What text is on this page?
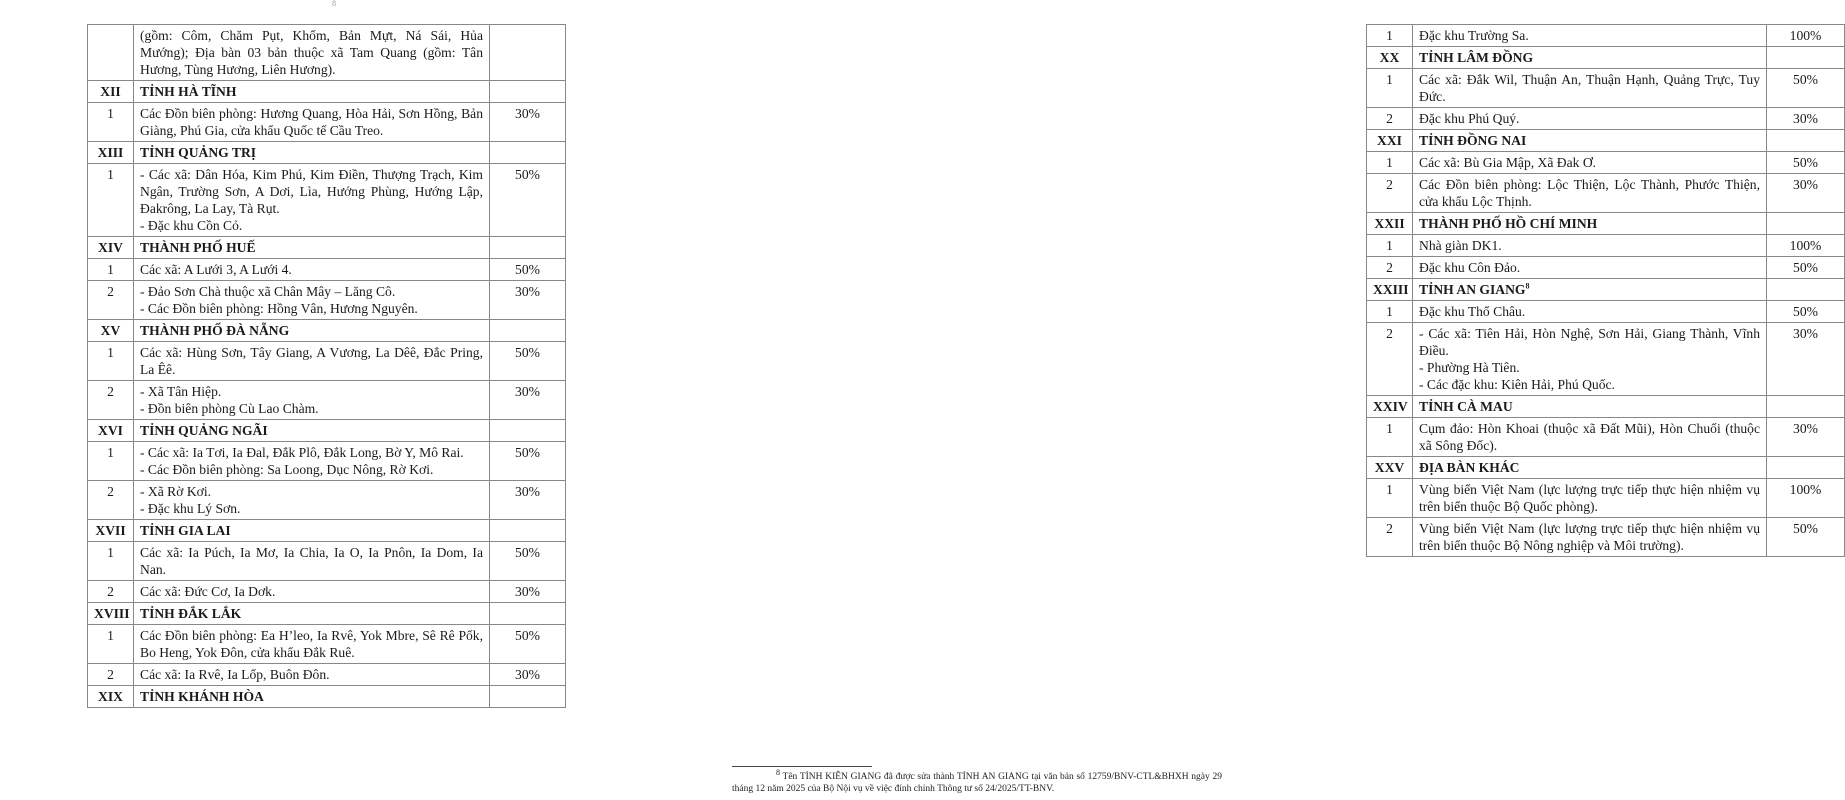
8

	(gồm: Côm, Chăm Pụt, Khốm, Bản Mựt, Ná Sái, Hủa Mướng); Địa bàn 03 bản thuộc xã Tam Quang (gồm: Tân Hương, Tùng Hương, Liên Hương).	

XII	TỈNH HÀ TĨNH	
1	Các Đồn biên phòng: Hương Quang, Hòa Hải, Sơn Hồng, Bản Giàng, Phú Gia, cửa khẩu Quốc tế Cầu Treo.	30%
XIII	TỈNH QUẢNG TRỊ	
1	- Các xã: Dân Hóa, Kim Phú, Kim Điền, Thượng Trạch, Kim Ngân, Trường Sơn, A Dơi, Lìa, Hướng Phùng, Hướng Lập, Đakrông, La Lay, Tà Rụt.
- Đặc khu Cồn Cỏ.	50%
XIV	THÀNH PHỐ HUẾ	
1	Các xã: A Lưới 3, A Lưới 4.	50%
2	- Đảo Sơn Chà thuộc xã Chân Mây – Lăng Cô.
- Các Đồn biên phòng: Hồng Vân, Hương Nguyên.	30%
XV	THÀNH PHỐ ĐÀ NẴNG	
1	Các xã: Hùng Sơn, Tây Giang, A Vương, La Dêê, Đắc Pring, La Êê.	50%
2	- Xã Tân Hiệp.
- Đồn biên phòng Cù Lao Chàm.	30%
XVI	TỈNH QUẢNG NGÃI	
1	- Các xã: Ia Tơi, Ia Đal, Đắk Plô, Đắk Long, Bờ Y, Mô Rai.
- Các Đồn biên phòng: Sa Loong, Dục Nông, Rờ Kơi.	50%
2	- Xã Rờ Kơi.
- Đặc khu Lý Sơn.	30%
XVII	TỈNH GIA LAI	
1	Các xã: Ia Púch, Ia Mơ, Ia Chia, Ia O, Ia Pnôn, Ia Dom, Ia Nan.	50%
2	Các xã: Đức Cơ, Ia Dơk.	30%
XVIII	TỈNH ĐẮK LẮK	
1	Các Đồn biên phòng: Ea H’leo, Ia Rvê, Yok Mbre, Sê Rê Pốk, Bo Heng, Yok Đôn, cửa khẩu Đắk Ruê.	50%
2	Các xã: Ia Rvê, Ia Lốp, Buôn Đôn.	30%
XIX	TỈNH KHÁNH HÒA	
1	Đặc khu Trường Sa.	100%
XX	TỈNH LÂM ĐỒNG	
1	Các xã: Đắk Wil, Thuận An, Thuận Hạnh, Quảng Trực, Tuy Đức.	50%
2	Đặc khu Phú Quý.	30%
XXI	TỈNH ĐỒNG NAI	
1	Các xã: Bù Gia Mập, Xã Đak Ơ.	50%
2	Các Đồn biên phòng: Lộc Thiện, Lộc Thành, Phước Thiện, cửa khẩu Lộc Thịnh.	30%
XXII	THÀNH PHỐ HỒ CHÍ MINH	
1	Nhà giàn DK1.	100%
2	Đặc khu Côn Đảo.	50%
XXIII	TỈNH AN GIANG$^8$	
1	Đặc khu Thổ Châu.	50%
2	- Các xã: Tiên Hải, Hòn Nghệ, Sơn Hải, Giang Thành, Vĩnh Điều.
- Phường Hà Tiên.
- Các đặc khu: Kiên Hải, Phú Quốc.	30%
XXIV	TỈNH CÀ MAU	
1	Cụm đảo: Hòn Khoai (thuộc xã Đất Mũi), Hòn Chuối (thuộc xã Sông Đốc).	30%
XXV	ĐỊA BÀN KHÁC	
1	Vùng biển Việt Nam (lực lượng trực tiếp thực hiện nhiệm vụ trên biển thuộc Bộ Quốc phòng).	100%
2	Vùng biển Việt Nam (lực lượng trực tiếp thực hiện nhiệm vụ trên biển thuộc Bộ Nông nghiệp và Môi trường).	50%
$^8$ Tên TỈNH KIÊN GIANG đã được sửa thành TỈNH AN GIANG tại văn bản số 12759/BNV-CTL&BHXH ngày 29 tháng 12 năm 2025 của Bộ Nội vụ về việc đính chính Thông tư số 24/2025/TT-BNV.
